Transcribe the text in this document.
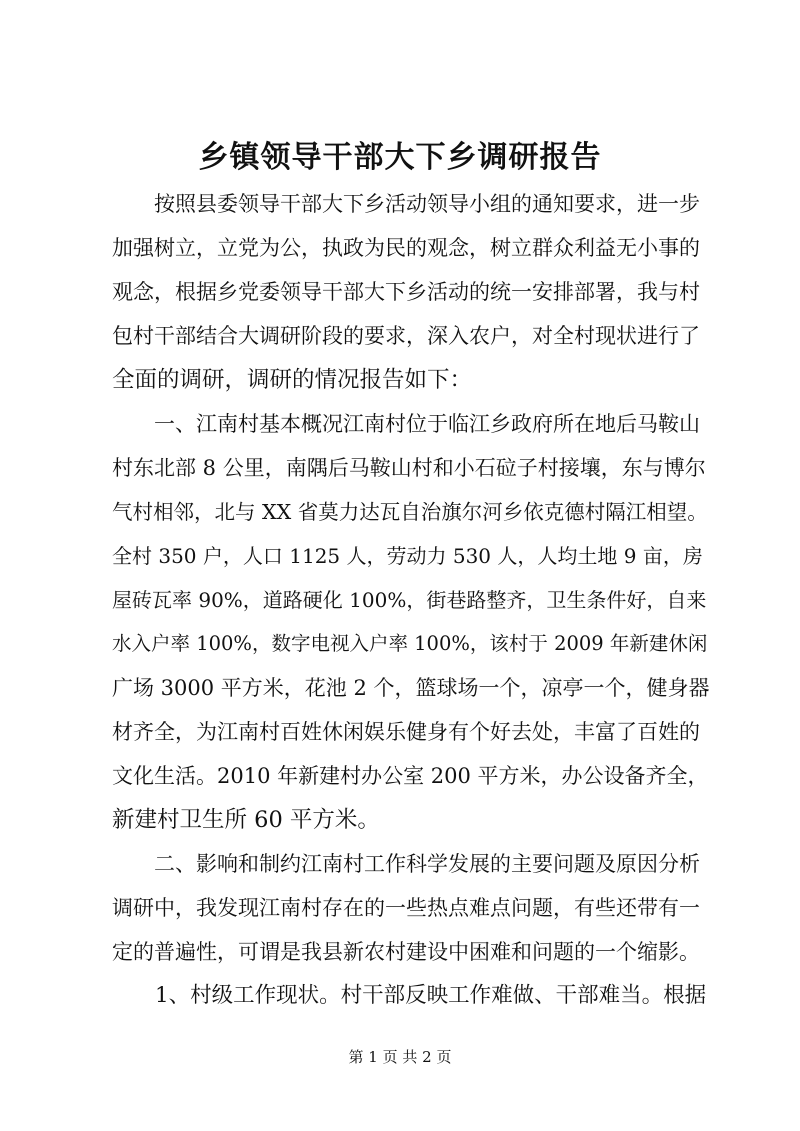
乡镇领导干部大下乡调研报告

　　按照县委领导干部大下乡活动领导小组的通知要求，进一步

加强树立，立党为公，执政为民的观念，树立群众利益无小事的

观念，根据乡党委领导干部大下乡活动的统一安排部署，我与村

包村干部结合大调研阶段的要求，深入农户，对全村现状进行了

全面的调研，调研的情况报告如下：

　　一、江南村基本概况江南村位于临江乡政府所在地后马鞍山

村东北部 8 公里，南隅后马鞍山村和小石砬子村接壤，东与博尔

气村相邻，北与 XX 省莫力达瓦自治旗尔河乡依克德村隔江相望。

全村 350 户，人口 1125 人，劳动力 530 人，人均土地 9 亩，房

屋砖瓦率 90%，道路硬化 100%，街巷路整齐，卫生条件好，自来

水入户率 100%，数字电视入户率 100%，该村于 2009 年新建休闲

广场 3000 平方米，花池 2 个，篮球场一个，凉亭一个，健身器

材齐全，为江南村百姓休闲娱乐健身有个好去处，丰富了百姓的

文化生活。2010 年新建村办公室 200 平方米，办公设备齐全，

新建村卫生所 60 平方米。

　　二、影响和制约江南村工作科学发展的主要问题及原因分析

调研中，我发现江南村存在的一些热点难点问题，有些还带有一

定的普遍性，可谓是我县新农村建设中困难和问题的一个缩影。

　　1、村级工作现状。村干部反映工作难做、干部难当。根据

第 1 页 共 2 页
